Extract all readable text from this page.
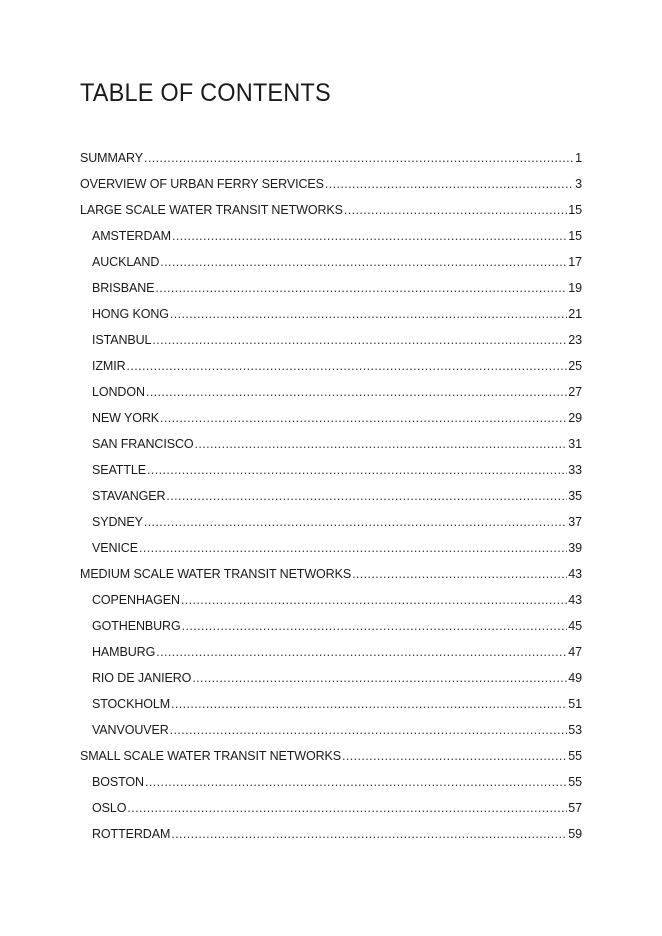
TABLE OF CONTENTS
SUMMARY .....	1
OVERVIEW OF URBAN FERRY SERVICES .....	3
LARGE SCALE WATER TRANSIT NETWORKS .....	15
AMSTERDAM .....	15
AUCKLAND .....	17
BRISBANE .....	19
HONG KONG .....	21
ISTANBUL .....	23
IZMIR .....	25
LONDON .....	27
NEW YORK .....	29
SAN FRANCISCO .....	31
SEATTLE .....	33
STAVANGER .....	35
SYDNEY .....	37
VENICE .....	39
MEDIUM SCALE WATER TRANSIT NETWORKS .....	43
COPENHAGEN .....	43
GOTHENBURG .....	45
HAMBURG .....	47
RIO DE JANIERO .....	49
STOCKHOLM .....	51
VANVOUVER .....	53
SMALL SCALE WATER TRANSIT NETWORKS .....	55
BOSTON .....	55
OSLO .....	57
ROTTERDAM .....	59
